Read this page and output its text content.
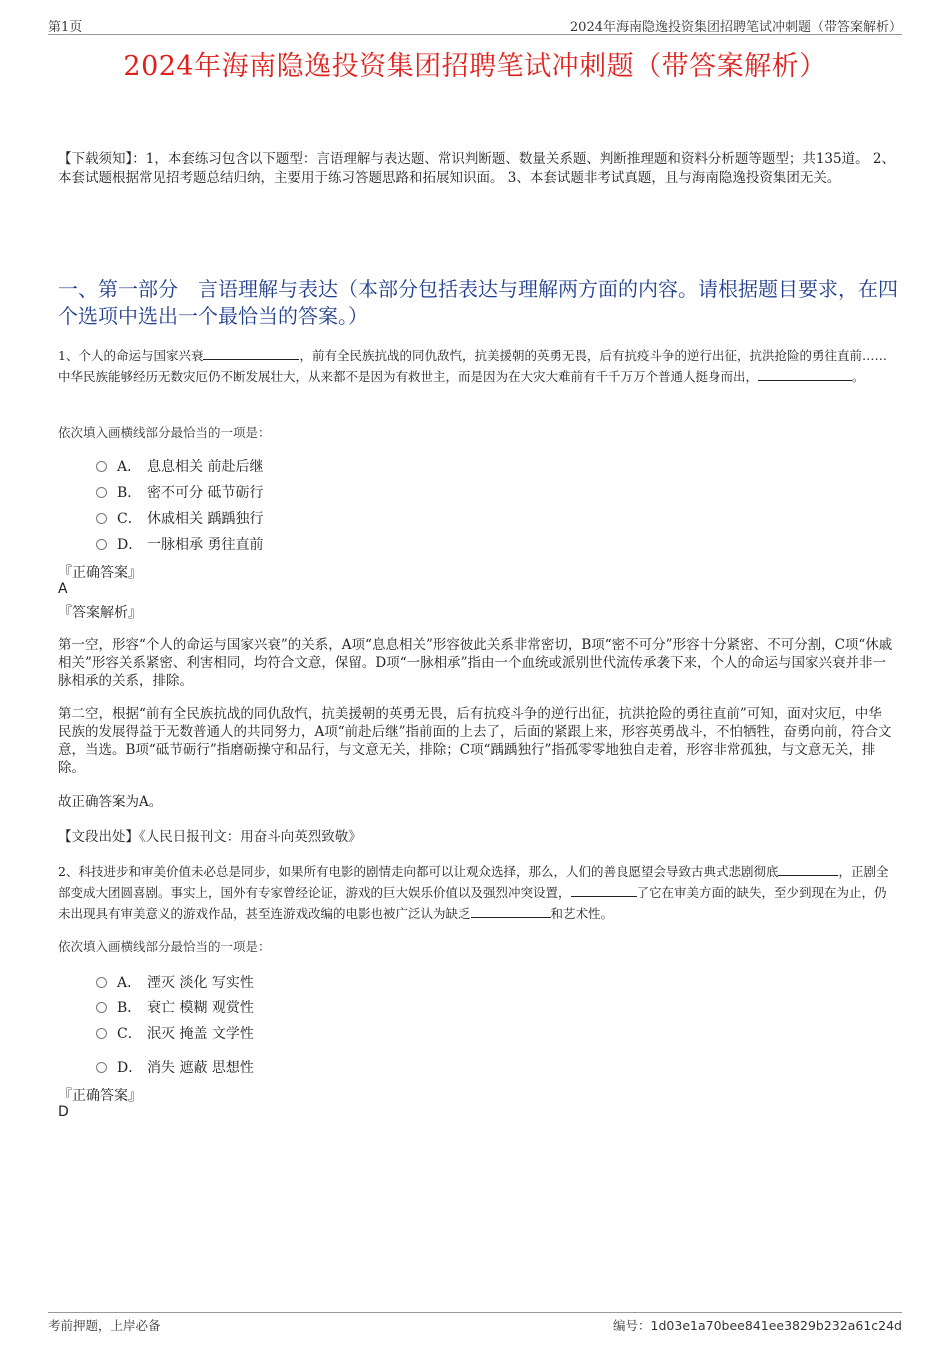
第1页	2024年海南隐逸投资集团招聘笔试冲刺题（带答案解析）
2024年海南隐逸投资集团招聘笔试冲刺题（带答案解析）
【下载须知】：1，本套练习包含以下题型：言语理解与表达题、常识判断题、数量关系题、判断推理题和资料分析题等题型；共135道。 2、本套试题根据常见招考题总结归纳，主要用于练习答题思路和拓展知识面。 3、本套试题非考试真题，且与海南隐逸投资集团无关。
一、第一部分　言语理解与表达（本部分包括表达与理解两方面的内容。请根据题目要求，在四个选项中选出一个最恰当的答案。）
1、个人的命运与国家兴衰	，前有全民族抗战的同仇敌忾，抗美援朝的英勇无畏，后有抗疫斗争的逆行出征，抗洪抢险的勇往直前……中华民族能够经历无数灾厄仍不断发展壮大，从来都不是因为有救世主，而是因为在大灾大难前有千千万万个普通人挺身而出，	。
依次填入画横线部分最恰当的一项是：
A． 息息相关 前赴后继
B． 密不可分 砥节砺行
C． 休戚相关 踽踽独行
D． 一脉相承 勇往直前
『正确答案』
A
『答案解析』
第一空，形容“个人的命运与国家兴衰”的关系，A项“息息相关”形容彼此关系非常密切，B项“密不可分”形容十分紧密、不可分割，C项“休戚相关”形容关系紧密、利害相同，均符合文意，保留。D项“一脉相承”指由一个血统或派别世代流传承袭下来，个人的命运与国家兴衰并非一脉相承的关系，排除。
第二空，根据“前有全民族抗战的同仇敌忾，抗美援朝的英勇无畏，后有抗疫斗争的逆行出征，抗洪抢险的勇往直前”可知，面对灾厄，中华民族的发展得益于无数普通人的共同努力，A项“前赴后继”指前面的上去了，后面的紧跟上来，形容英勇战斗，不怕牺牲，奋勇向前，符合文意，当选。B项“砥节砺行”指磨砺操守和品行，与文意无关，排除；C项“踽踽独行”指孤零零地独自走着，形容非常孤独，与文意无关，排除。
故正确答案为A。
【文段出处】《人民日报刊文：用奋斗向英烈致敬》
2、科技进步和审美价值未必总是同步，如果所有电影的剧情走向都可以让观众选择，那么，人们的善良愿望会导致古典式悲剧彻底	，正剧全部变成大团圆喜剧。事实上，国外有专家曾经论证，游戏的巨大娱乐价值以及强烈冲突设置，	了它在审美方面的缺失，至少到现在为止，仍未出现具有审美意义的游戏作品，甚至连游戏改编的电影也被广泛认为缺乏	和艺术性。
依次填入画横线部分最恰当的一项是：
A． 湮灭 淡化 写实性
B． 衰亡 模糊 观赏性
C． 泯灭 掩盖 文学性
D． 消失 遮蔽 思想性
『正确答案』
D
考前押题，上岸必备	编号：1d03e1a70bee841ee3829b232a61c24d
